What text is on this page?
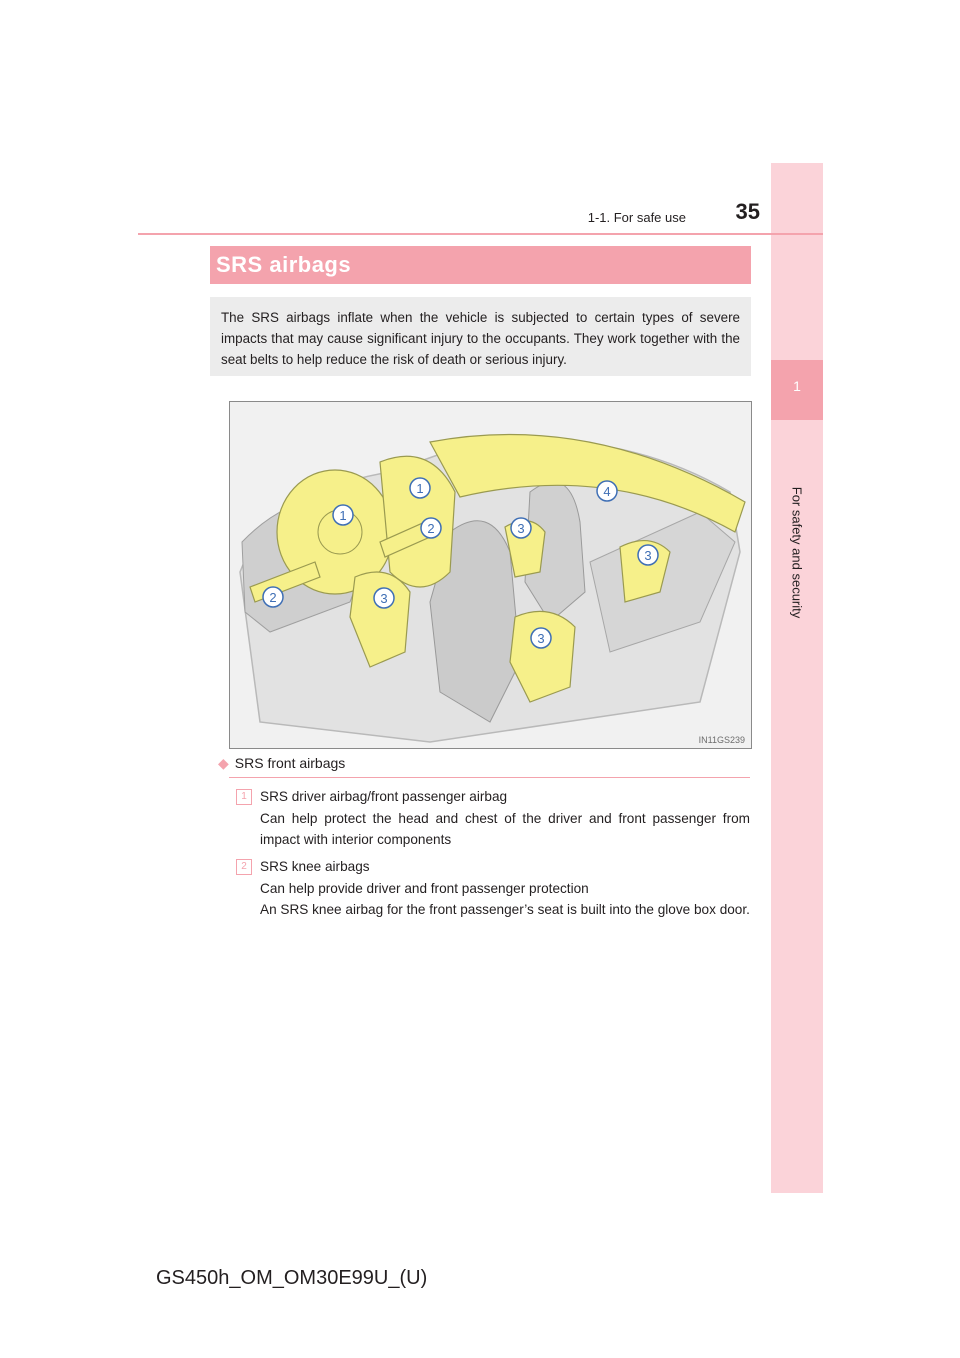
1
For safety and security
1-1. For safe use	35
SRS airbags
The SRS airbags inflate when the vehicle is subjected to certain types of severe impacts that may cause significant injury to the occupants. They work together with the seat belts to help reduce the risk of death or serious injury.
1
1
2
2	3
3
3
3
4
IN11GS239
◆ SRS front airbags
1 SRS driver airbag/front passenger airbag

Can help protect the head and chest of the driver and front passenger from impact with interior components

2 SRS knee airbags

Can help provide driver and front passenger protection

An SRS knee airbag for the front passenger’s seat is built into the glove box door.

GS450h_OM_OM30E99U_(U)
